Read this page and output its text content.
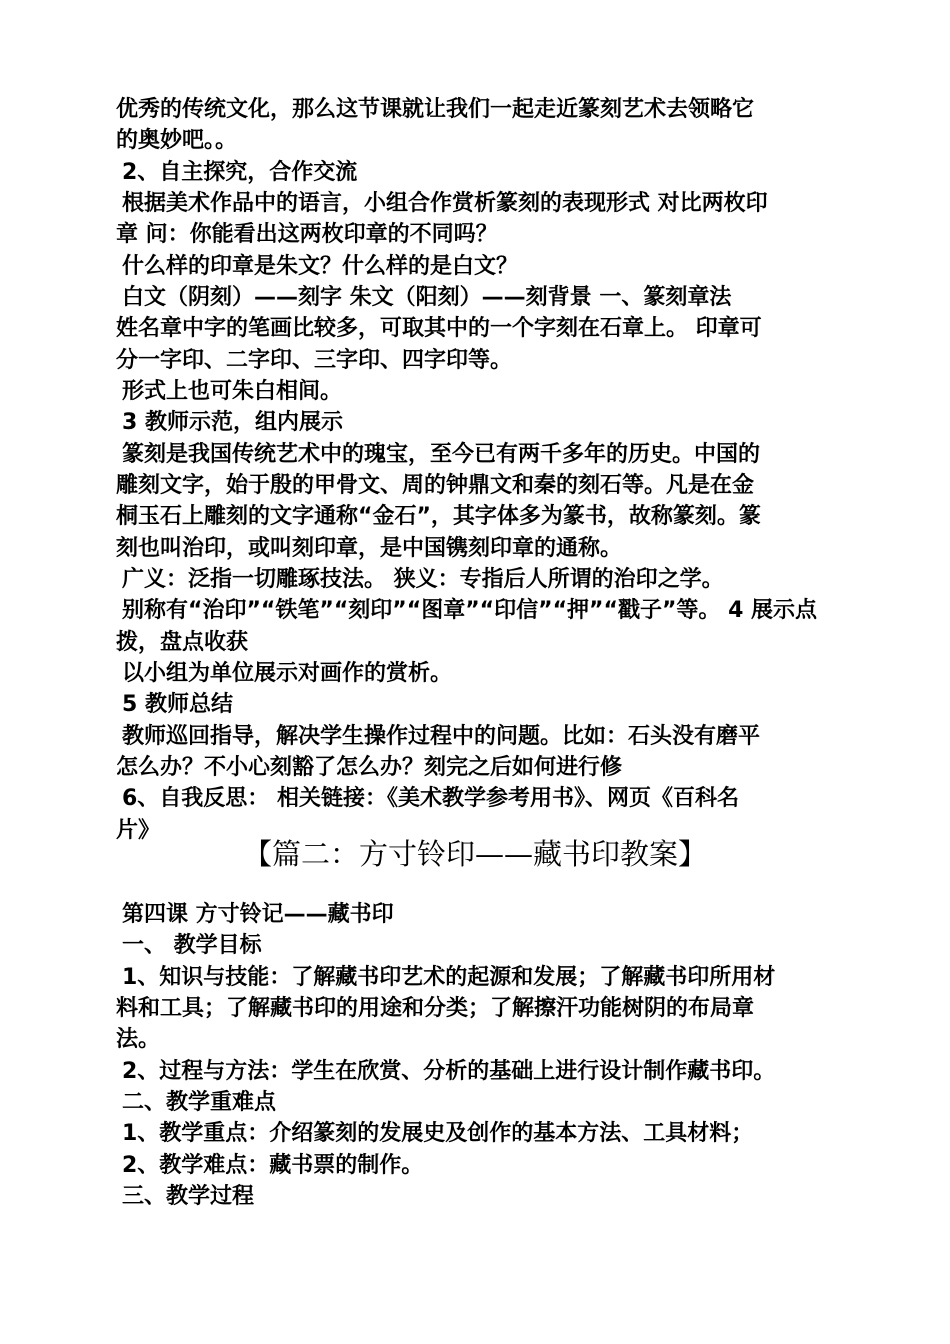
优秀的传统文化，那么这节课就让我们一起走近篆刻艺术去领略它
的奥妙吧。。
2、自主探究，合作交流
根据美术作品中的语言，小组合作赏析篆刻的表现形式 对比两枚印
章 问：你能看出这两枚印章的不同吗？
什么样的印章是朱文？什么样的是白文？
白文（阴刻）——刻字 朱文（阳刻）——刻背景 一、篆刻章法
姓名章中字的笔画比较多，可取其中的一个字刻在石章上。 印章可
分一字印、二字印、三字印、四字印等。
形式上也可朱白相间。
3 教师示范，组内展示
篆刻是我国传统艺术中的瑰宝，至今已有两千多年的历史。中国的
雕刻文字，始于殷的甲骨文、周的钟鼎文和秦的刻石等。凡是在金
桐玉石上雕刻的文字通称“金石”，其字体多为篆书，故称篆刻。篆
刻也叫治印，或叫刻印章，是中国镌刻印章的通称。
广义：泛指一切雕琢技法。 狭义：专指后人所谓的治印之学。
别称有“治印”“铁笔”“刻印”“图章”“印信”“押”“戳子”等。 4 展示点
拨，盘点收获
以小组为单位展示对画作的赏析。
5 教师总结
教师巡回指导，解决学生操作过程中的问题。比如：石头没有磨平
怎么办？不小心刻豁了怎么办？刻完之后如何进行修
6、自我反思： 相关链接：《美术教学参考用书》、网页《百科名
片》
【篇二：方寸铃印——藏书印教案】
第四课 方寸铃记——藏书印
一、 教学目标
1、知识与技能：了解藏书印艺术的起源和发展；了解藏书印所用材
料和工具；了解藏书印的用途和分类；了解擦汗功能树阴的布局章
法。
2、过程与方法：学生在欣赏、分析的基础上进行设计制作藏书印。
二、教学重难点
1、教学重点：介绍篆刻的发展史及创作的基本方法、工具材料；
2、教学难点：藏书票的制作。
三、教学过程
